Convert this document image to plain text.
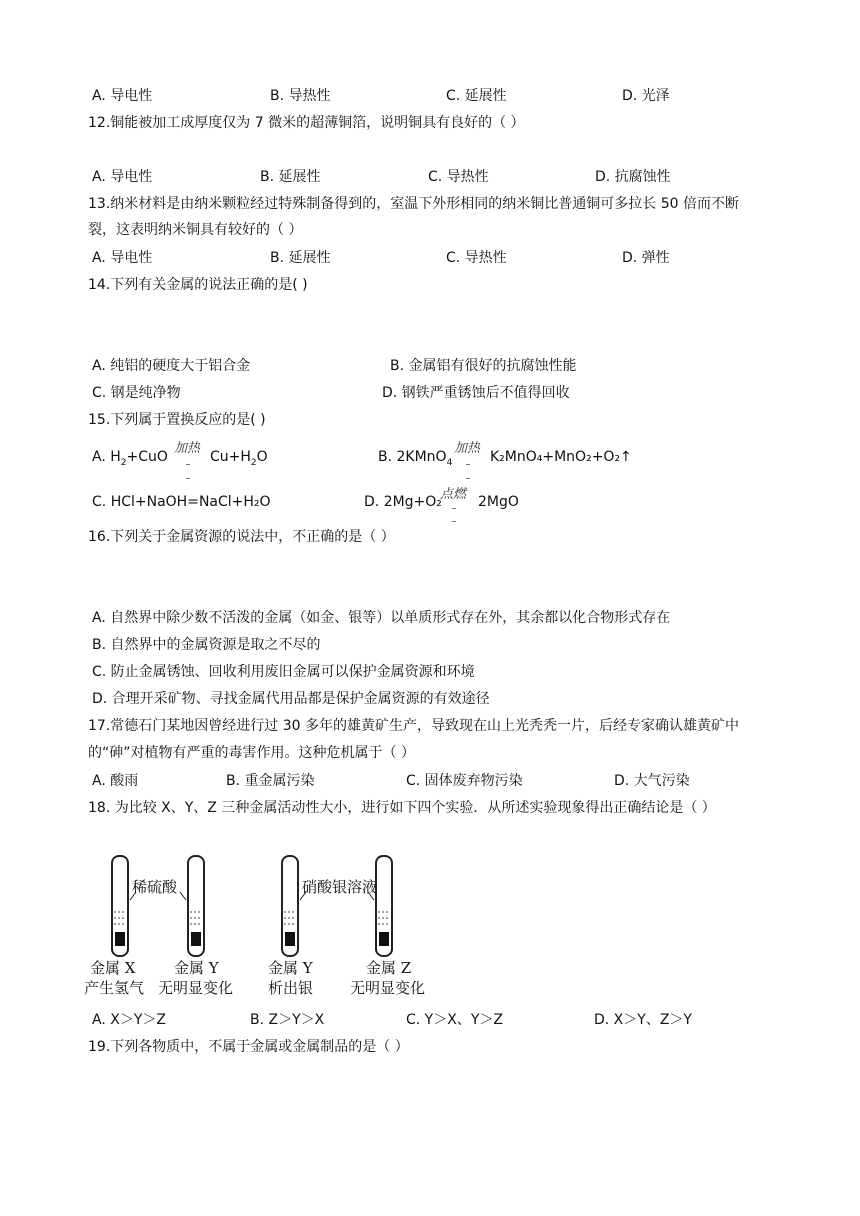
A. 导电性	B. 导热性	C. 延展性	D. 光泽
12.铜能被加工成厚度仅为 7 微米的超薄铜箔，说明铜具有良好的（ ）
A. 导电性	B. 延展性	C. 导热性	D. 抗腐蚀性
13.纳米材料是由纳米颗粒经过特殊制备得到的，室温下外形相同的纳米铜比普通铜可多拉长 50 倍而不断
裂，这表明纳米铜具有较好的（ ）
A. 导电性	B. 延展性	C. 导热性	D. 弹性
14.下列有关金属的说法正确的是( )
A. 纯铝的硬度大于铝合金	B. 金属铝有很好的抗腐蚀性能
C. 钢是纯净物	D. 钢铁严重锈蚀后不值得回收
15.下列属于置换反应的是( )
A. $H_2+CuO$
加热
$Cu+H_2O$	B. 2KMnO$_4$
加热
K₂MnO₄+MnO₂+O₂↑
C. HCl+NaOH=NaCl+H₂O	D. 2Mg+O₂
点燃 2MgO
16.下列关于金属资源的说法中，不正确的是（ ）
A. 自然界中除少数不活泼的金属（如金、银等）以单质形式存在外，其余都以化合物形式存在
B. 自然界中的金属资源是取之不尽的
C. 防止金属锈蚀、回收利用废旧金属可以保护金属资源和环境
D. 合理开采矿物、寻找金属代用品都是保护金属资源的有效途径
17.常德石门某地因曾经进行过 30 多年的雄黄矿生产，导致现在山上光秃秃一片，后经专家确认雄黄矿中
的“砷”对植物有严重的毒害作用。这种危机属于（ ）
A. 酸雨	B. 重金属污染	C. 固体废弃物污染	D. 大气污染
18. 为比较 X、Y、Z 三种金属活动性大小，进行如下四个实验．从所述实验现象得出正确结论是（ ）
稀硫酸	硝酸银溶液
金属 X
产生氢气
金属 Y
无明显变化
金属 Y
析出银
金属 Z
无明显变化
A. X＞Y＞Z	B. Z＞Y＞X	C. Y＞X、Y＞Z	D. X＞Y、Z＞Y
19.下列各物质中，不属于金属或金属制品的是（ ）
